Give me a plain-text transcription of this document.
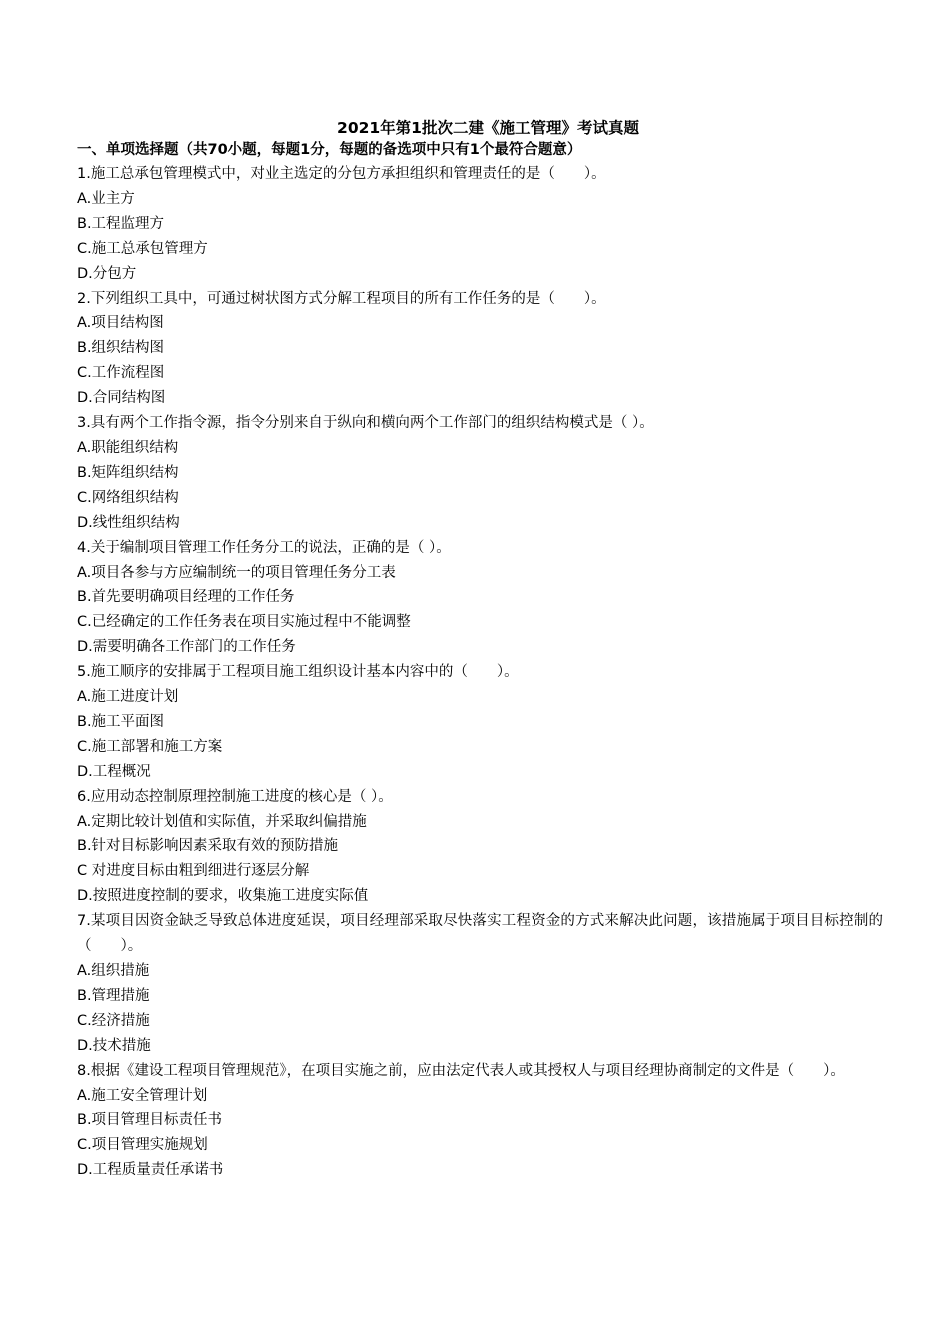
2021年第1批次二建《施工管理》考试真题
一、单项选择题（共70小题，每题1分，每题的备选项中只有1个最符合题意）
1.施工总承包管理模式中，对业主选定的分包方承担组织和管理责任的是（　　）。
A.业主方
B.工程监理方
C.施工总承包管理方
D.分包方
2.下列组织工具中，可通过树状图方式分解工程项目的所有工作任务的是（　　）。
A.项目结构图
B.组织结构图
C.工作流程图
D.合同结构图
3.具有两个工作指令源，指令分别来自于纵向和横向两个工作部门的组织结构模式是（ ）。
A.职能组织结构
B.矩阵组织结构
C.网络组织结构
D.线性组织结构
4.关于编制项目管理工作任务分工的说法，正确的是（ ）。
A.项目各参与方应编制统一的项目管理任务分工表
B.首先要明确项目经理的工作任务
C.已经确定的工作任务表在项目实施过程中不能调整
D.需要明确各工作部门的工作任务
5.施工顺序的安排属于工程项目施工组织设计基本内容中的（　　）。
A.施工进度计划
B.施工平面图
C.施工部署和施工方案
D.工程概况
6.应用动态控制原理控制施工进度的核心是（ ）。
A.定期比较计划值和实际值，并采取纠偏措施
B.针对目标影响因素采取有效的预防措施
C 对进度目标由粗到细进行逐层分解
D.按照进度控制的要求，收集施工进度实际值
7.某项目因资金缺乏导致总体进度延误，项目经理部采取尽快落实工程资金的方式来解决此问题，该措施属于项目目标控制的（　　）。
A.组织措施
B.管理措施
C.经济措施
D.技术措施
8.根据《建设工程项目管理规范》，在项目实施之前，应由法定代表人或其授权人与项目经理协商制定的文件是（　　）。
A.施工安全管理计划
B.项目管理目标责任书
C.项目管理实施规划
D.工程质量责任承诺书
